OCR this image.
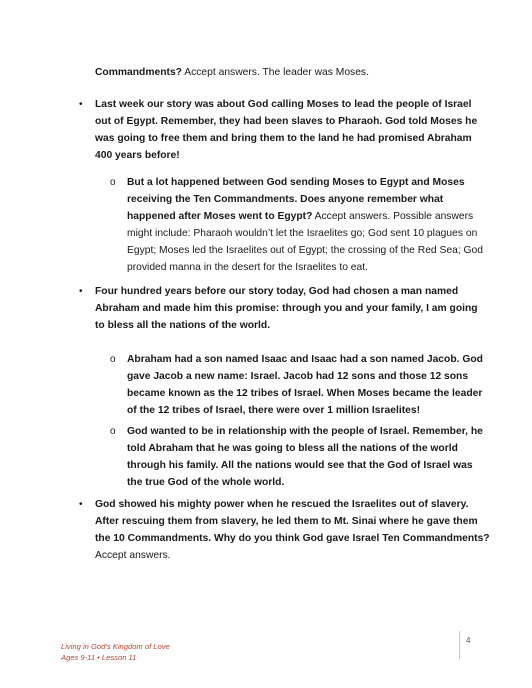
Commandments? Accept answers. The leader was Moses.

• Last week our story was about God calling Moses to lead the people of Israel out of Egypt. Remember, they had been slaves to Pharaoh. God told Moses he was going to free them and bring them to the land he had promised Abraham 400 years before!

o But a lot happened between God sending Moses to Egypt and Moses receiving the Ten Commandments. Does anyone remember what happened after Moses went to Egypt? Accept answers. Possible answers might include: Pharaoh wouldn’t let the Israelites go; God sent 10 plagues on Egypt; Moses led the Israelites out of Egypt; the crossing of the Red Sea; God provided manna in the desert for the Israelites to eat.

• Four hundred years before our story today, God had chosen a man named Abraham and made him this promise: through you and your family, I am going to bless all the nations of the world.

o Abraham had a son named Isaac and Isaac had a son named Jacob. God gave Jacob a new name: Israel. Jacob had 12 sons and those 12 sons became known as the 12 tribes of Israel. When Moses became the leader of the 12 tribes of Israel, there were over 1 million Israelites!

o God wanted to be in relationship with the people of Israel. Remember, he told Abraham that he was going to bless all the nations of the world through his family. All the nations would see that the God of Israel was the true God of the whole world.

• God showed his mighty power when he rescued the Israelites out of slavery. After rescuing them from slavery, he led them to Mt. Sinai where he gave them the 10 Commandments. Why do you think God gave Israel Ten Commandments? Accept answers.

Living in God’s Kingdom of Love
Ages 9-11 • Lesson 11
4
